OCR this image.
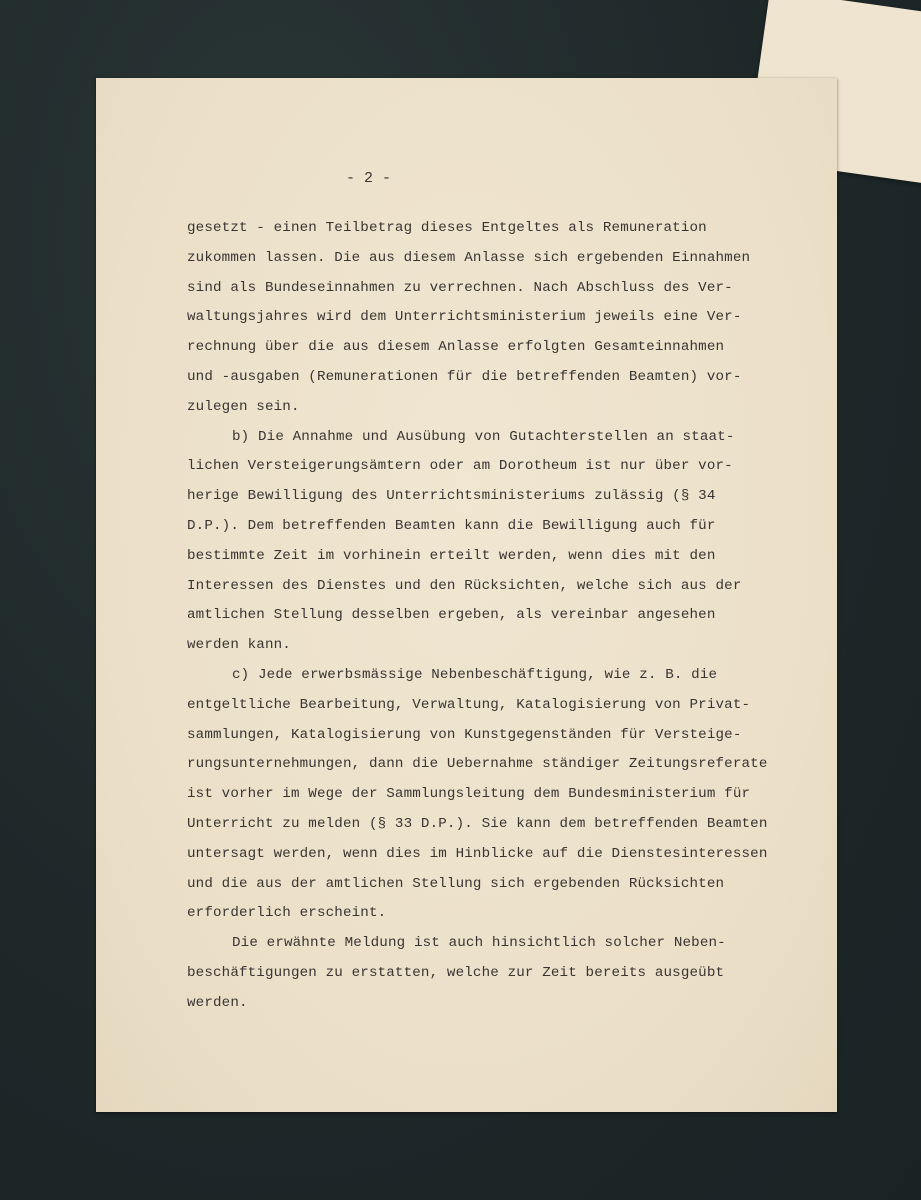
- 2 -
gesetzt - einen Teilbetrag dieses Entgeltes als Remuneration
zukommen lassen. Die aus diesem Anlasse sich ergebenden Einnahmen
sind als Bundeseinnahmen zu verrechnen. Nach Abschluss des Ver-
waltungsjahres wird dem Unterrichtsministerium jeweils eine Ver-
rechnung über die aus diesem Anlasse erfolgten Gesamteinnahmen
und -ausgaben (Remunerationen für die betreffenden Beamten) vor-
zulegen sein.
b) Die Annahme und Ausübung von Gutachterstellen an staat-
lichen Versteigerungsämtern oder am Dorotheum ist nur über vor-
herige Bewilligung des Unterrichtsministeriums zulässig (§ 34
D.P.). Dem betreffenden Beamten kann die Bewilligung auch für
bestimmte Zeit im vorhinein erteilt werden, wenn dies mit den
Interessen des Dienstes und den Rücksichten, welche sich aus der
amtlichen Stellung desselben ergeben, als vereinbar angesehen
werden kann.
c) Jede erwerbsmässige Nebenbeschäftigung, wie z. B. die
entgeltliche Bearbeitung, Verwaltung, Katalogisierung von Privat-
sammlungen, Katalogisierung von Kunstgegenständen für Versteige-
rungsunternehmungen, dann die Uebernahme ständiger Zeitungsreferate
ist vorher im Wege der Sammlungsleitung dem Bundesministerium für
Unterricht zu melden (§ 33 D.P.). Sie kann dem betreffenden Beamten
untersagt werden, wenn dies im Hinblicke auf die Dienstesinteressen
und die aus der amtlichen Stellung sich ergebenden Rücksichten
erforderlich erscheint.
Die erwähnte Meldung ist auch hinsichtlich solcher Neben-
beschäftigungen zu erstatten, welche zur Zeit bereits ausgeübt
werden.
